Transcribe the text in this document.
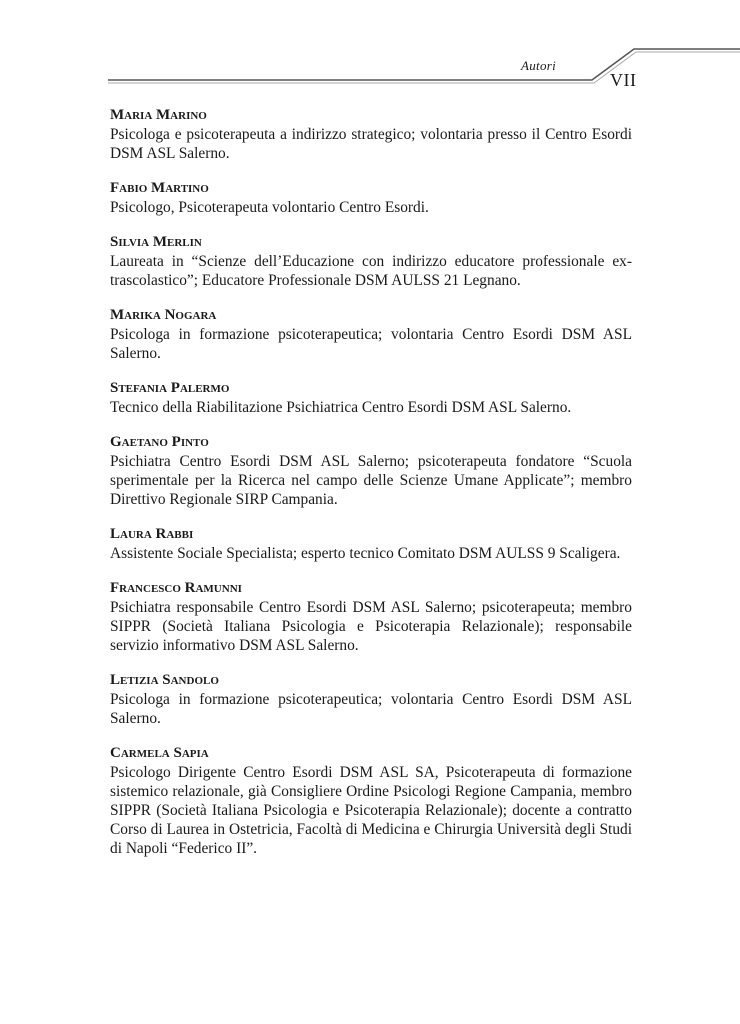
Autori
VII
Maria Marino
Psicologa e psicoterapeuta a indirizzo strategico; volontaria presso il Centro Esordi DSM ASL Salerno.
Fabio Martino
Psicologo, Psicoterapeuta volontario Centro Esordi.
Silvia Merlin
Laureata in “Scienze dell’Educazione con indirizzo educatore professionale extrascolastico”; Educatore Professionale DSM AULSS 21 Legnano.
Marika Nogara
Psicologa in formazione psicoterapeutica; volontaria Centro Esordi DSM ASL Salerno.
Stefania Palermo
Tecnico della Riabilitazione Psichiatrica Centro Esordi DSM ASL Salerno.
Gaetano Pinto
Psichiatra Centro Esordi DSM ASL Salerno; psicoterapeuta fondatore “Scuola sperimentale per la Ricerca nel campo delle Scienze Umane Applicate”; membro Direttivo Regionale SIRP Campania.
Laura Rabbi
Assistente Sociale Specialista; esperto tecnico Comitato DSM AULSS 9 Scaligera.
Francesco Ramunni
Psichiatra responsabile Centro Esordi DSM ASL Salerno; psicoterapeuta; membro SIPPR (Società Italiana Psicologia e Psicoterapia Relazionale); responsabile servizio informativo DSM ASL Salerno.
Letizia Sandolo
Psicologa in formazione psicoterapeutica; volontaria Centro Esordi DSM ASL Salerno.
Carmela Sapia
Psicologo Dirigente Centro Esordi DSM ASL SA, Psicoterapeuta di formazione sistemico relazionale, già Consigliere Ordine Psicologi Regione Campania, membro SIPPR (Società Italiana Psicologia e Psicoterapia Relazionale); docente a contratto Corso di Laurea in Ostetricia, Facoltà di Medicina e Chirurgia Università degli Studi di Napoli “Federico II”.
